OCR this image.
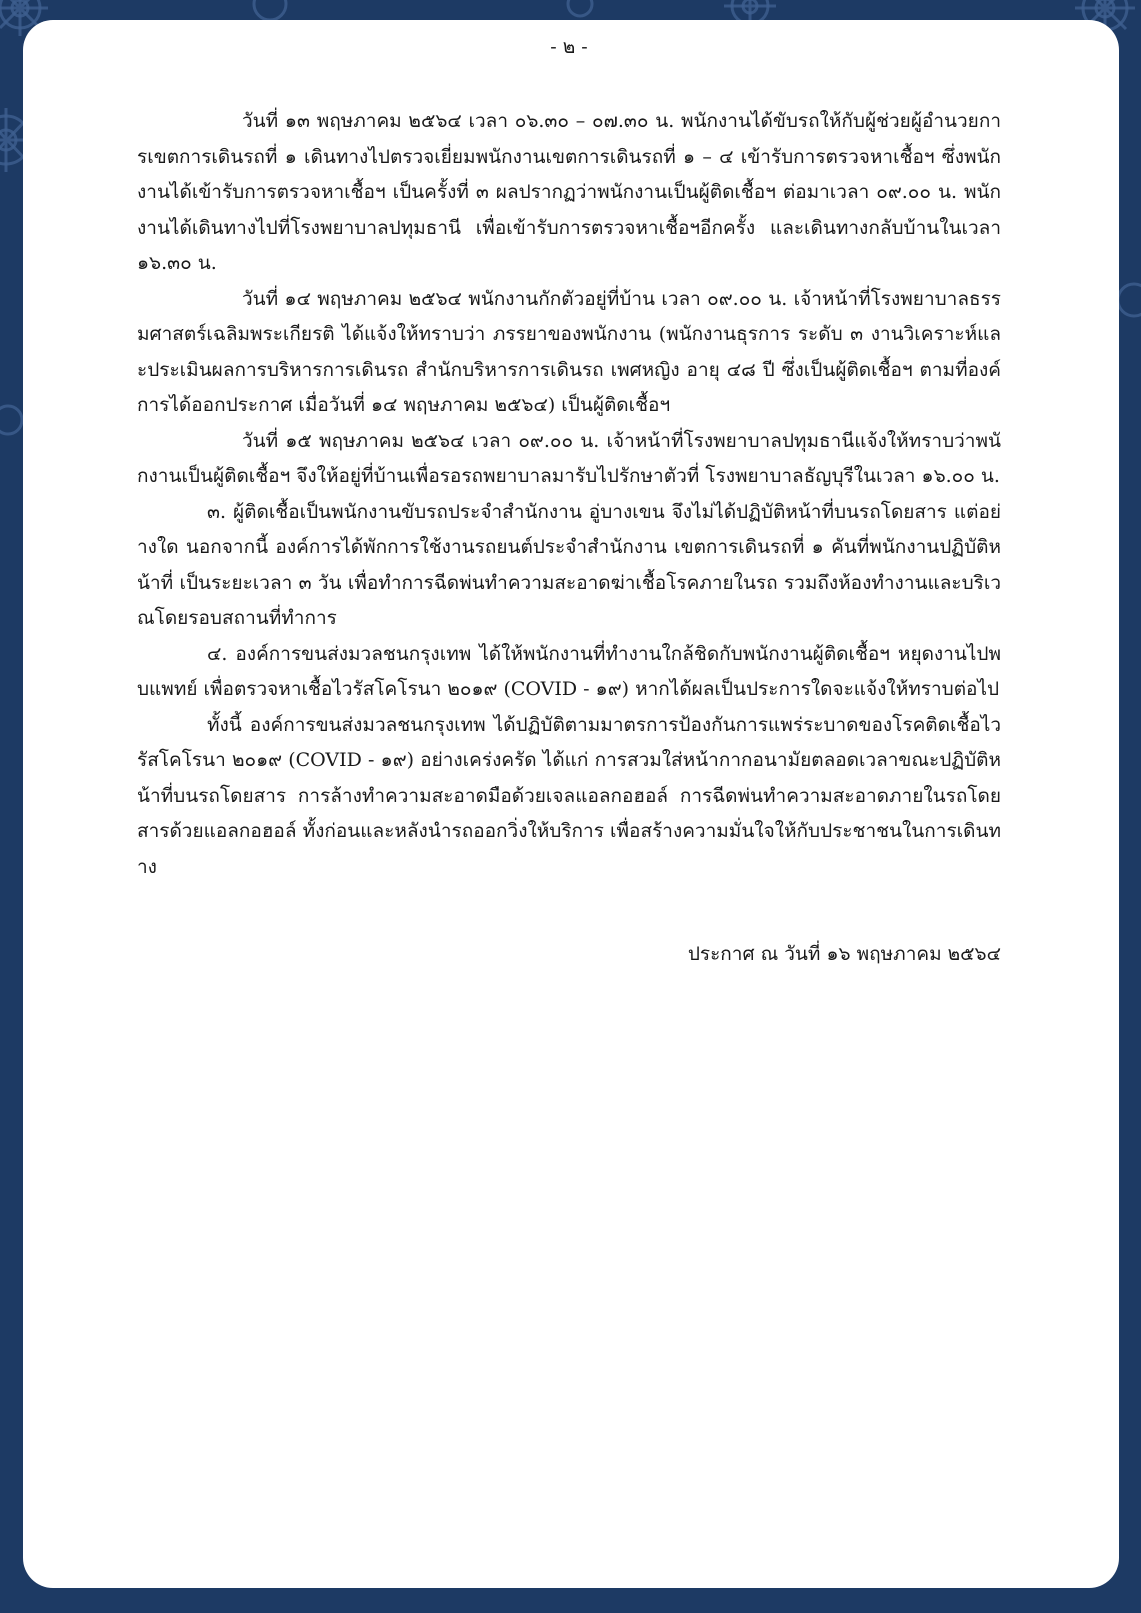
- ๒ -

วันที่ ๑๓ พฤษภาคม ๒๕๖๔ เวลา ๐๖.๓๐ – ๐๗.๓๐ น. พนักงานได้ขับรถให้กับผู้ช่วยผู้อำนวยการเขตการเดินรถที่ ๑ เดินทางไปตรวจเยี่ยมพนักงานเขตการเดินรถที่ ๑ – ๔ เข้ารับการตรวจหาเชื้อฯ ซึ่งพนักงานได้เข้ารับการตรวจหาเชื้อฯ เป็นครั้งที่ ๓ ผลปรากฏว่าพนักงานเป็นผู้ติดเชื้อฯ ต่อมาเวลา ๐๙.๐๐ น. พนักงานได้เดินทางไปที่โรงพยาบาลปทุมธานี เพื่อเข้ารับการตรวจหาเชื้อฯอีกครั้ง และเดินทางกลับบ้านในเวลา ๑๖.๓๐ น.

วันที่ ๑๔ พฤษภาคม ๒๕๖๔ พนักงานกักตัวอยู่ที่บ้าน เวลา ๐๙.๐๐ น. เจ้าหน้าที่โรงพยาบาลธรรมศาสตร์เฉลิมพระเกียรติ ได้แจ้งให้ทราบว่า ภรรยาของพนักงาน (พนักงานธุรการ ระดับ ๓ งานวิเคราะห์และประเมินผลการบริหารการเดินรถ สำนักบริหารการเดินรถ เพศหญิง อายุ ๔๘ ปี ซึ่งเป็นผู้ติดเชื้อฯ ตามที่องค์การได้ออกประกาศ เมื่อวันที่ ๑๔ พฤษภาคม ๒๕๖๔) เป็นผู้ติดเชื้อฯ

วันที่ ๑๕ พฤษภาคม ๒๕๖๔ เวลา ๐๙.๐๐ น. เจ้าหน้าที่โรงพยาบาลปทุมธานีแจ้งให้ทราบว่าพนักงานเป็นผู้ติดเชื้อฯ จึงให้อยู่ที่บ้านเพื่อรอรถพยาบาลมารับไปรักษาตัวที่ โรงพยาบาลธัญบุรีในเวลา ๑๖.๐๐ น.

๓. ผู้ติดเชื้อเป็นพนักงานขับรถประจำสำนักงาน อู่บางเขน จึงไม่ได้ปฏิบัติหน้าที่บนรถโดยสาร แต่อย่างใด นอกจากนี้ องค์การได้พักการใช้งานรถยนต์ประจำสำนักงาน เขตการเดินรถที่ ๑ คันที่พนักงานปฏิบัติหน้าที่ เป็นระยะเวลา ๓ วัน เพื่อทำการฉีดพ่นทำความสะอาดฆ่าเชื้อโรคภายในรถ รวมถึงห้องทำงานและบริเวณโดยรอบสถานที่ทำการ

๔. องค์การขนส่งมวลชนกรุงเทพ ได้ให้พนักงานที่ทำงานใกล้ชิดกับพนักงานผู้ติดเชื้อฯ หยุดงานไปพบแพทย์ เพื่อตรวจหาเชื้อไวรัสโคโรนา ๒๐๑๙ (COVID - ๑๙) หากได้ผลเป็นประการใดจะแจ้งให้ทราบต่อไป

ทั้งนี้ องค์การขนส่งมวลชนกรุงเทพ ได้ปฏิบัติตามมาตรการป้องกันการแพร่ระบาดของโรคติดเชื้อไวรัสโคโรนา ๒๐๑๙ (COVID - ๑๙) อย่างเคร่งครัด ได้แก่ การสวมใส่หน้ากากอนามัยตลอดเวลาขณะปฏิบัติหน้าที่บนรถโดยสาร การล้างทำความสะอาดมือด้วยเจลแอลกอฮอล์ การฉีดพ่นทำความสะอาดภายในรถโดยสารด้วยแอลกอฮอล์ ทั้งก่อนและหลังนำรถออกวิ่งให้บริการ เพื่อสร้างความมั่นใจให้กับประชาชนในการเดินทาง

ประกาศ ณ วันที่ ๑๖ พฤษภาคม ๒๕๖๔
